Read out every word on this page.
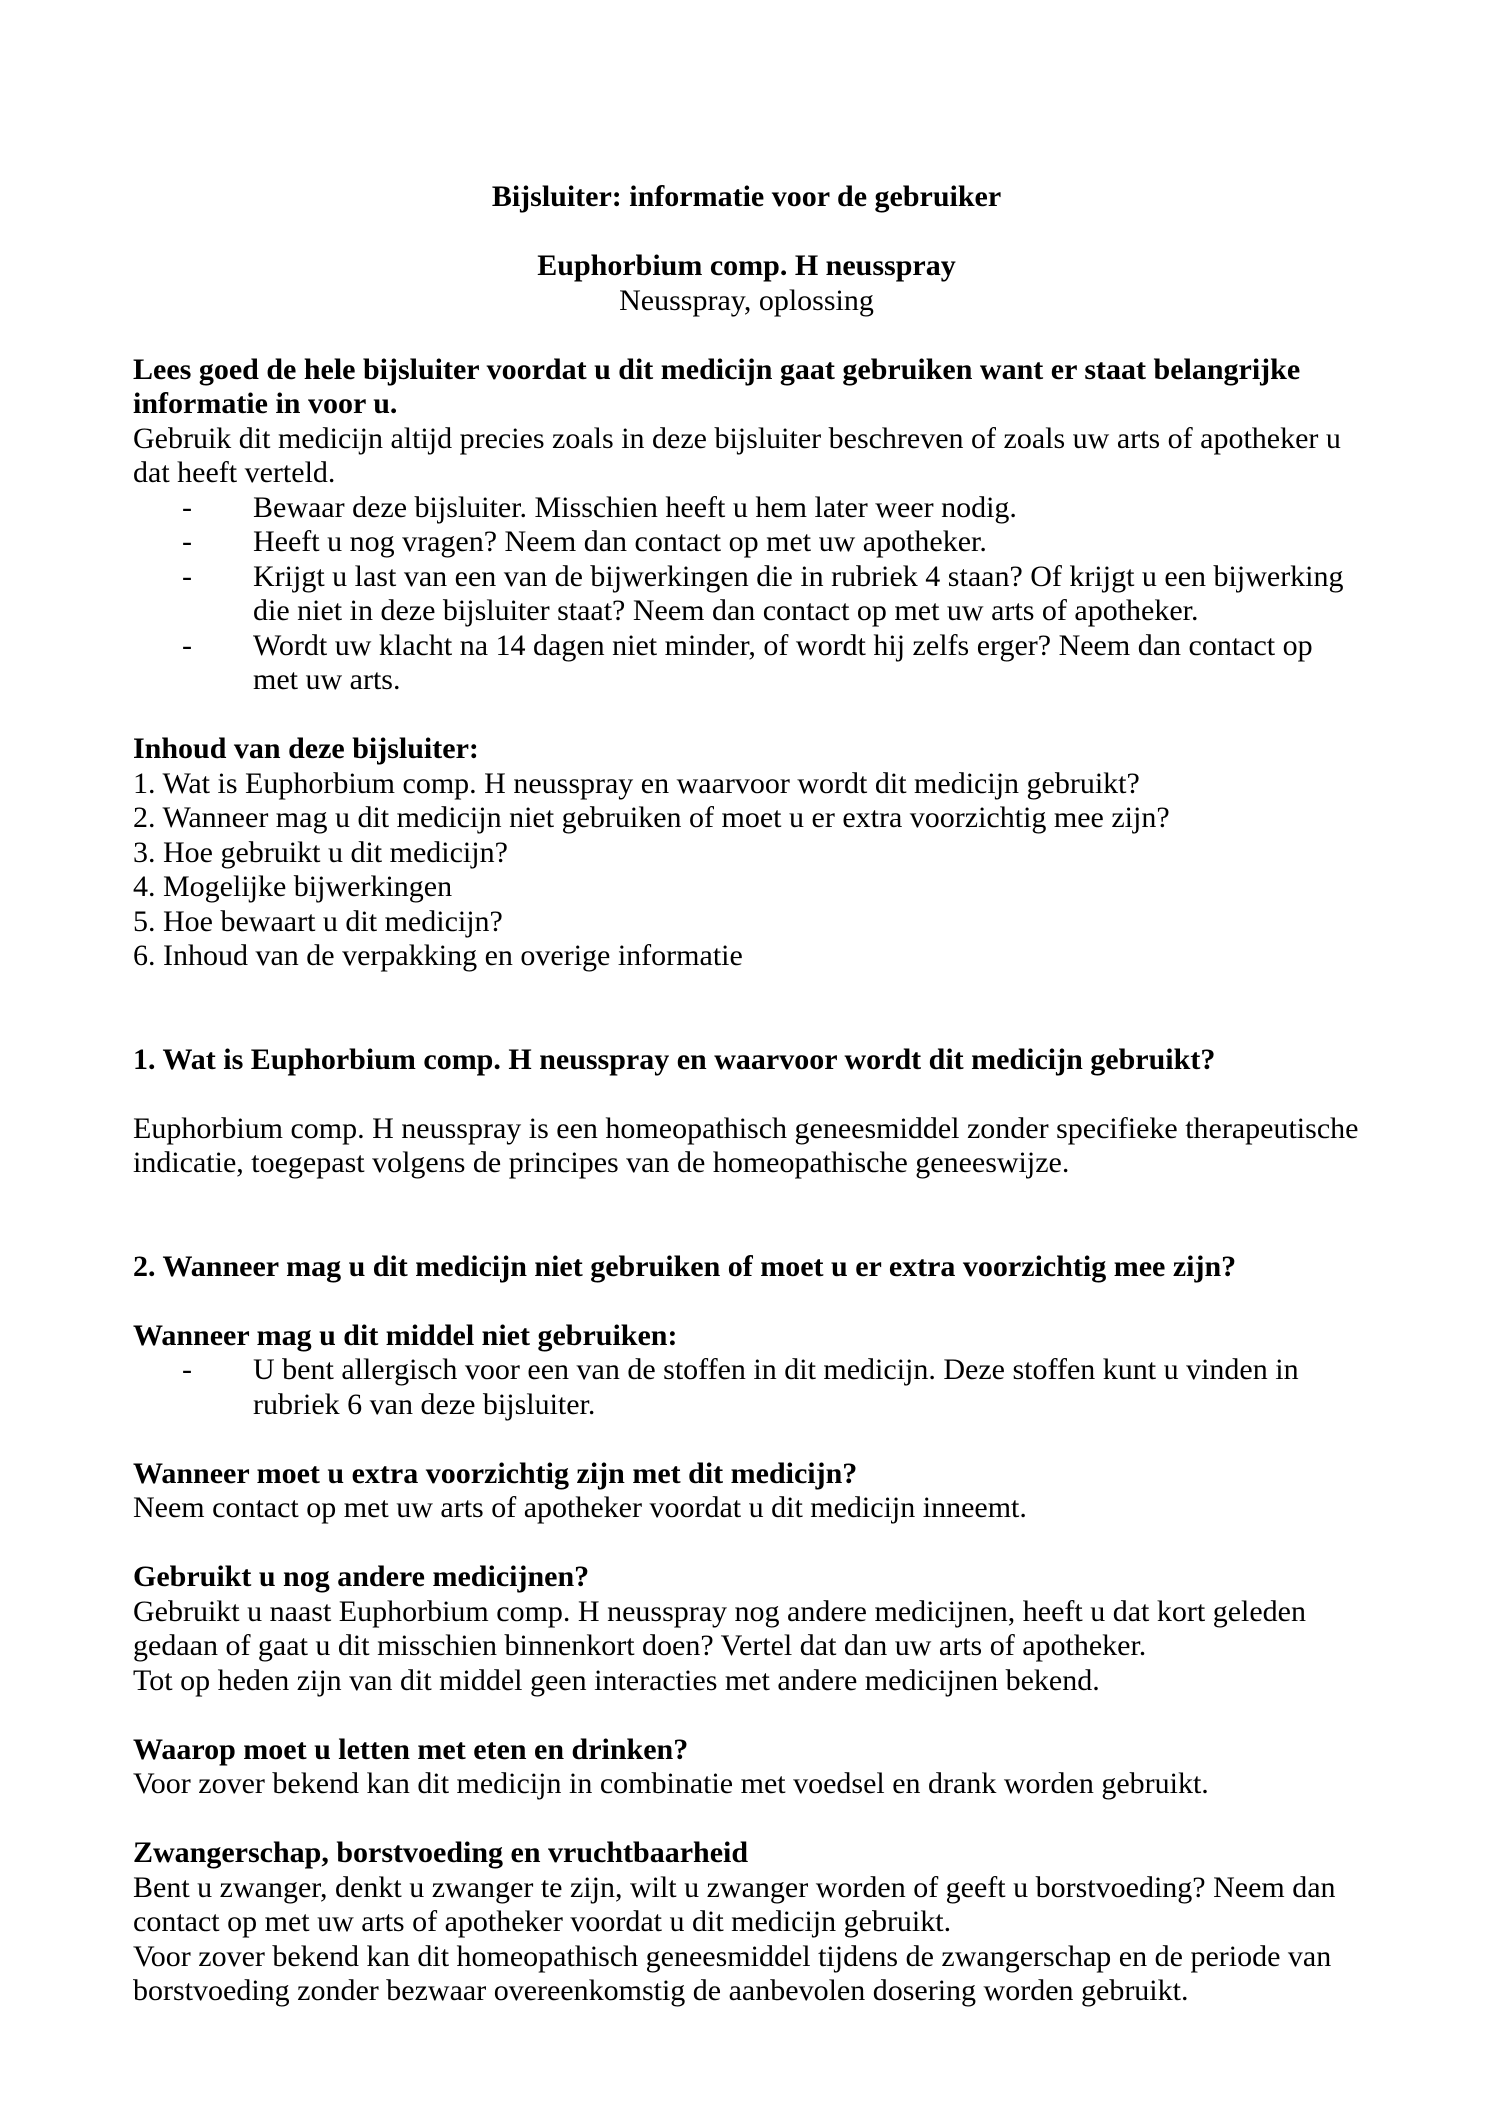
Bijsluiter: informatie voor de gebruiker

Euphorbium comp. H neusspray

Neusspray, oplossing

Lees goed de hele bijsluiter voordat u dit medicijn gaat gebruiken want er staat belangrijke informatie in voor u.

Gebruik dit medicijn altijd precies zoals in deze bijsluiter beschreven of zoals uw arts of apotheker u dat heeft verteld.

-	Bewaar deze bijsluiter. Misschien heeft u hem later weer nodig.
-	Heeft u nog vragen? Neem dan contact op met uw apotheker.
-	Krijgt u last van een van de bijwerkingen die in rubriek 4 staan? Of krijgt u een bijwerking die niet in deze bijsluiter staat? Neem dan contact op met uw arts of apotheker.
-	Wordt uw klacht na 14 dagen niet minder, of wordt hij zelfs erger? Neem dan contact op met uw arts.

Inhoud van deze bijsluiter:

1. Wat is Euphorbium comp. H neusspray en waarvoor wordt dit medicijn gebruikt?

2. Wanneer mag u dit medicijn niet gebruiken of moet u er extra voorzichtig mee zijn?

3. Hoe gebruikt u dit medicijn?

4. Mogelijke bijwerkingen

5. Hoe bewaart u dit medicijn?

6. Inhoud van de verpakking en overige informatie

1. Wat is Euphorbium comp. H neusspray en waarvoor wordt dit medicijn gebruikt?

Euphorbium comp. H neusspray is een homeopathisch geneesmiddel zonder specifieke therapeutische indicatie, toegepast volgens de principes van de homeopathische geneeswijze.

2. Wanneer mag u dit medicijn niet gebruiken of moet u er extra voorzichtig mee zijn?
Wanneer mag u dit middel niet gebruiken:
-	U bent allergisch voor een van de stoffen in dit medicijn. Deze stoffen kunt u vinden in rubriek 6 van deze bijsluiter.
Wanneer moet u extra voorzichtig zijn met dit medicijn?

Neem contact op met uw arts of apotheker voordat u dit medicijn inneemt.

Gebruikt u nog andere medicijnen?

Gebruikt u naast Euphorbium comp. H neusspray nog andere medicijnen, heeft u dat kort geleden gedaan of gaat u dit misschien binnenkort doen? Vertel dat dan uw arts of apotheker.

Tot op heden zijn van dit middel geen interacties met andere medicijnen bekend.

Waarop moet u letten met eten en drinken?

Voor zover bekend kan dit medicijn in combinatie met voedsel en drank worden gebruikt.

Zwangerschap, borstvoeding en vruchtbaarheid

Bent u zwanger, denkt u zwanger te zijn, wilt u zwanger worden of geeft u borstvoeding? Neem dan contact op met uw arts of apotheker voordat u dit medicijn gebruikt.

Voor zover bekend kan dit homeopathisch geneesmiddel tijdens de zwangerschap en de periode van borstvoeding zonder bezwaar overeenkomstig de aanbevolen dosering worden gebruikt.
